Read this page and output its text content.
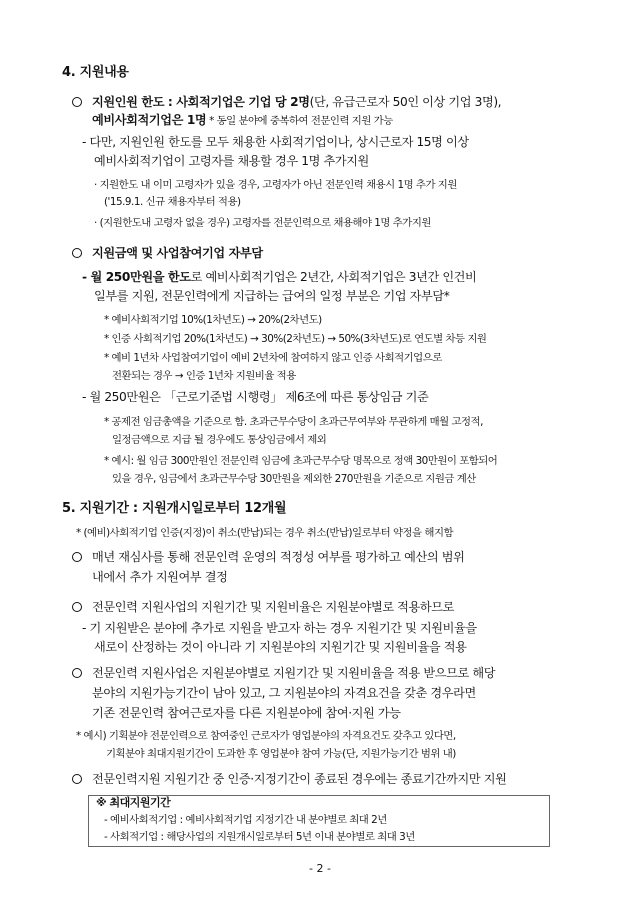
4. 지원내용
지원인원 한도 : 사회적기업은 기업 당 2명(단, 유급근로자 50인 이상 기업 3명),
예비사회적기업은 1명 * 동일 분야에 중복하여 전문인력 지원 가능
- 다만, 지원인원 한도를 모두 채용한 사회적기업이나, 상시근로자 15명 이상
예비사회적기업이 고령자를 채용할 경우 1명 추가지원
· 지원한도 내 이미 고령자가 있을 경우, 고령자가 아닌 전문인력 채용시 1명 추가 지원
('15.9.1. 신규 채용자부터 적용)
· (지원한도내 고령자 없을 경우) 고령자를 전문인력으로 채용해야 1명 추가지원
지원금액 및 사업참여기업 자부담
- 월 250만원을 한도로 예비사회적기업은 2년간, 사회적기업은 3년간 인건비
일부를 지원, 전문인력에게 지급하는 급여의 일정 부분은 기업 자부담*
* 예비사회적기업 10%(1차년도) → 20%(2차년도)
* 인증 사회적기업 20%(1차년도) → 30%(2차년도) → 50%(3차년도)로 연도별 차등 지원
* 예비 1년차 사업참여기업이 예비 2년차에 참여하지 않고 인증 사회적기업으로
전환되는 경우 → 인증 1년차 지원비율 적용
- 월 250만원은 「근로기준법 시행령」 제6조에 따른 통상임금 기준
* 공제전 임금총액을 기준으로 함. 초과근무수당이 초과근무여부와 무관하게 매월 고정적,
일정금액으로 지급 될 경우에도 통상임금에서 제외
* 예시: 월 임금 300만원인 전문인력 임금에 초과근무수당 명목으로 정액 30만원이 포함되어
있을 경우, 임금에서 초과근무수당 30만원을 제외한 270만원을 기준으로 지원금 계산
5. 지원기간 : 지원개시일로부터 12개월
* (예비)사회적기업 인증(지정)이 취소(반납)되는 경우 취소(반납)일로부터 약정을 해지함
매년 재심사를 통해 전문인력 운영의 적정성 여부를 평가하고 예산의 범위
내에서 추가 지원여부 결정
전문인력 지원사업의 지원기간 및 지원비율은 지원분야별로 적용하므로
- 기 지원받은 분야에 추가로 지원을 받고자 하는 경우 지원기간 및 지원비율을
새로이 산정하는 것이 아니라 기 지원분야의 지원기간 및 지원비율을 적용
전문인력 지원사업은 지원분야별로 지원기간 및 지원비율을 적용 받으므로 해당
분야의 지원가능기간이 남아 있고, 그 지원분야의 자격요건을 갖춘 경우라면
기존 전문인력 참여근로자를 다른 지원분야에 참여·지원 가능
* 예시) 기획분야 전문인력으로 참여중인 근로자가 영업분야의 자격요건도 갖추고 있다면,
기획분야 최대지원기간이 도과한 후 영업분야 참여 가능(단, 지원가능기간 범위 내)
전문인력지원 지원기간 중 인증·지정기간이 종료된 경우에는 종료기간까지만 지원
※ 최대지원기간
- 예비사회적기업 : 예비사회적기업 지정기간 내 분야별로 최대 2년
- 사회적기업 : 해당사업의 지원개시일로부터 5년 이내 분야별로 최대 3년
- 2 -
